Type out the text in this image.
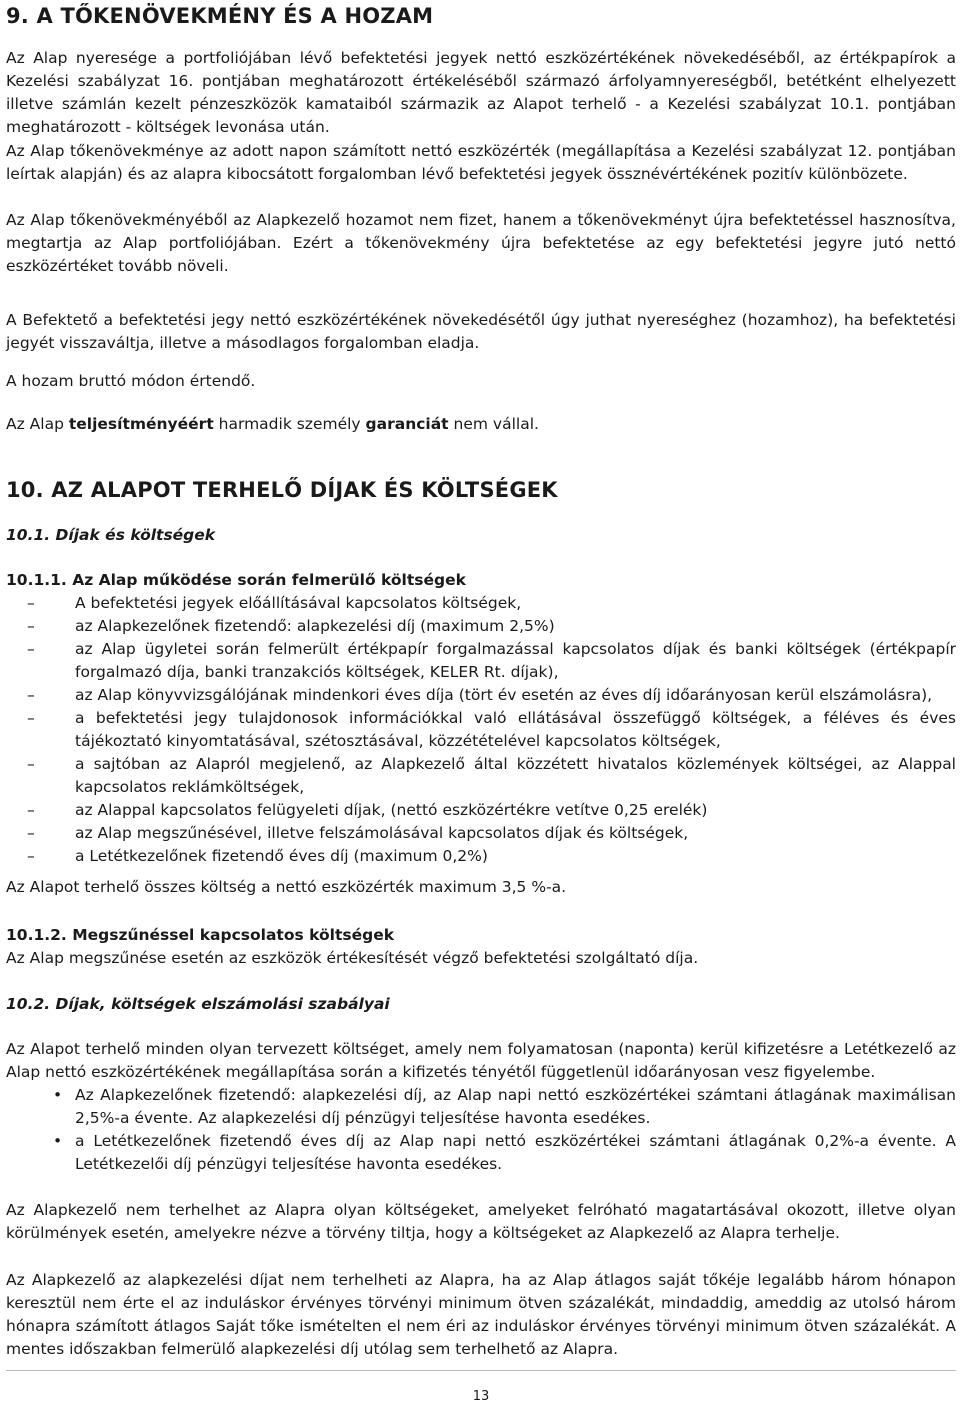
9. A TŐKENÖVEKMÉNY ÉS A HOZAM

Az Alap nyeresége a portfoliójában lévő befektetési jegyek nettó eszközértékének növekedéséből, az értékpapírok a Kezelési szabályzat 16. pontjában meghatározott értékeléséből származó árfolyamnyereségből, betétként elhelyezett illetve számlán kezelt pénzeszközök kamataiból származik az Alapot terhelő - a Kezelési szabályzat 10.1. pontjában meghatározott - költségek levonása után.

Az Alap tőkenövekménye az adott napon számított nettó eszközérték (megállapítása a Kezelési szabályzat 12. pontjában leírtak alapján) és az alapra kibocsátott forgalomban lévő befektetési jegyek össznévértékének pozitív különbözete.

Az Alap tőkenövekményéből az Alapkezelő hozamot nem fizet, hanem a tőkenövekményt újra befektetéssel hasznosítva, megtartja az Alap portfoliójában. Ezért a tőkenövekmény újra befektetése az egy befektetési jegyre jutó nettó eszközértéket tovább növeli.

A Befektető a befektetési jegy nettó eszközértékének növekedésétől úgy juthat nyereséghez (hozamhoz), ha befektetési jegyét visszaváltja, illetve a másodlagos forgalomban eladja.

A hozam bruttó módon értendő.

Az Alap teljesítményéért harmadik személy garanciát nem vállal.

10. AZ ALAPOT TERHELŐ DÍJAK ÉS KÖLTSÉGEK
10.1. Díjak és költségek
10.1.1. Az Alap működése során felmerülő költségek
–	A befektetési jegyek előállításával kapcsolatos költségek,
–	az Alapkezelőnek fizetendő: alapkezelési díj (maximum 2,5%)
–	az Alap ügyletei során felmerült értékpapír forgalmazással kapcsolatos díjak és banki költségek (értékpapír forgalmazó díja, banki tranzakciós költségek, KELER Rt. díjak),
–	az Alap könyvvizsgálójának mindenkori éves díja (tört év esetén az éves díj időarányosan kerül elszámolásra),
–	a befektetési jegy tulajdonosok információkkal való ellátásával összefüggő költségek, a féléves és éves tájékoztató kinyomtatásával, szétosztásával, közzétételével kapcsolatos költségek,
–	a sajtóban az Alapról megjelenő, az Alapkezelő által közzétett hivatalos közlemények költségei, az Alappal kapcsolatos reklámköltségek,
–	az Alappal kapcsolatos felügyeleti díjak, (nettó eszközértékre vetítve 0,25 erelék)
–	az Alap megszűnésével, illetve felszámolásával kapcsolatos díjak és költségek,
–	a Letétkezelőnek fizetendő éves díj (maximum 0,2%)

Az Alapot terhelő összes költség a nettó eszközérték maximum 3,5 %-a.

10.1.2. Megszűnéssel kapcsolatos költségek

Az Alap megszűnése esetén az eszközök értékesítését végző befektetési szolgáltató díja.

10.2. Díjak, költségek elszámolási szabályai

Az Alapot terhelő minden olyan tervezett költséget, amely nem folyamatosan (naponta) kerül kifizetésre a Letétkezelő az Alap nettó eszközértékének megállapítása során a kifizetés tényétől függetlenül időarányosan vesz figyelembe.

• Az Alapkezelőnek fizetendő: alapkezelési díj, az Alap napi nettó eszközértékei számtani átlagának maximálisan 2,5%-a évente. Az alapkezelési díj pénzügyi teljesítése havonta esedékes.
• a Letétkezelőnek fizetendő éves díj az Alap napi nettó eszközértékei számtani átlagának 0,2%-a évente. A Letétkezelői díj pénzügyi teljesítése havonta esedékes.

Az Alapkezelő nem terhelhet az Alapra olyan költségeket, amelyeket felróható magatartásával okozott, illetve olyan körülmények esetén, amelyekre nézve a törvény tiltja, hogy a költségeket az Alapkezelő az Alapra terhelje.

Az Alapkezelő az alapkezelési díjat nem terhelheti az Alapra, ha az Alap átlagos saját tőkéje legalább három hónapon keresztül nem érte el az induláskor érvényes törvényi minimum ötven százalékát, mindaddig, ameddig az utolsó három hónapra számított átlagos Saját tőke ismételten el nem éri az induláskor érvényes törvényi minimum ötven százalékát. A mentes időszakban felmerülő alapkezelési díj utólag sem terhelhető az Alapra.

13
